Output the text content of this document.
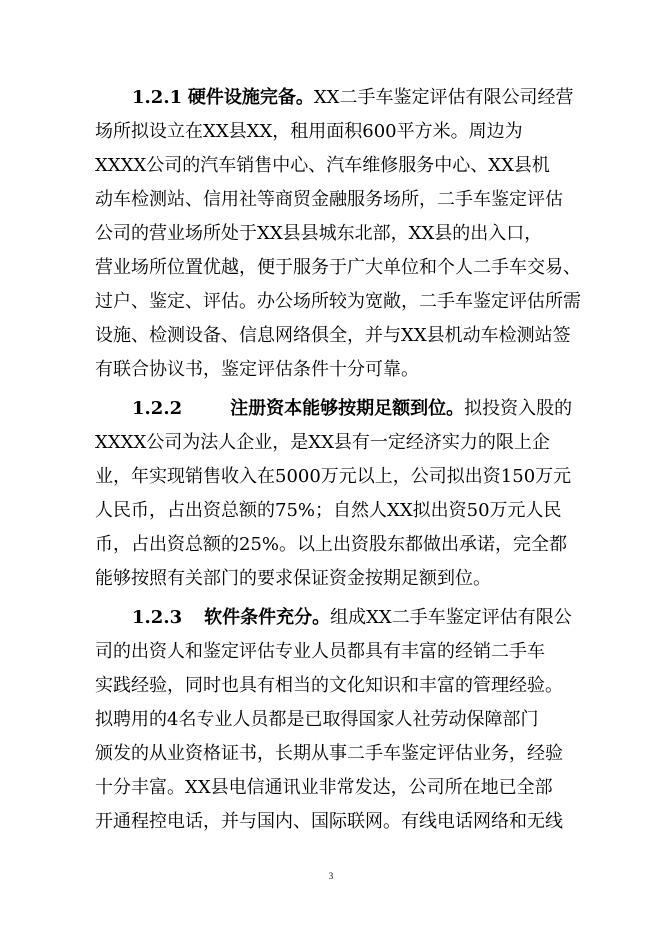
1.2.1 硬件设施完备。XX二手车鉴定评估有限公司经营
场所拟设立在XX县XX，租用面积600平方米。周边为
XXXX公司的汽车销售中心、汽车维修服务中心、XX县机
动车检测站、信用社等商贸金融服务场所，二手车鉴定评估
公司的营业场所处于XX县县城东北部，XX县的出入口，
营业场所位置优越，便于服务于广大单位和个人二手车交易、
过户、鉴定、评估。办公场所较为宽敞，二手车鉴定评估所需
设施、检测设备、信息网络俱全，并与XX县机动车检测站签
有联合协议书，鉴定评估条件十分可靠。
1.2.2	注册资本能够按期足额到位。拟投资入股的
XXXX公司为法人企业，是XX县有一定经济实力的限上企
业，年实现销售收入在5000万元以上，公司拟出资150万元
人民币，占出资总额的75%；自然人XX拟出资50万元人民
币，占出资总额的25%。以上出资股东都做出承诺，完全都
能够按照有关部门的要求保证资金按期足额到位。
1.2.3 软件条件充分。组成XX二手车鉴定评估有限公
司的出资人和鉴定评估专业人员都具有丰富的经销二手车
实践经验，同时也具有相当的文化知识和丰富的管理经验。
拟聘用的4名专业人员都是已取得国家人社劳动保障部门
颁发的从业资格证书，长期从事二手车鉴定评估业务，经验
十分丰富。XX县电信通讯业非常发达，公司所在地已全部
开通程控电话，并与国内、国际联网。有线电话网络和无线
3
